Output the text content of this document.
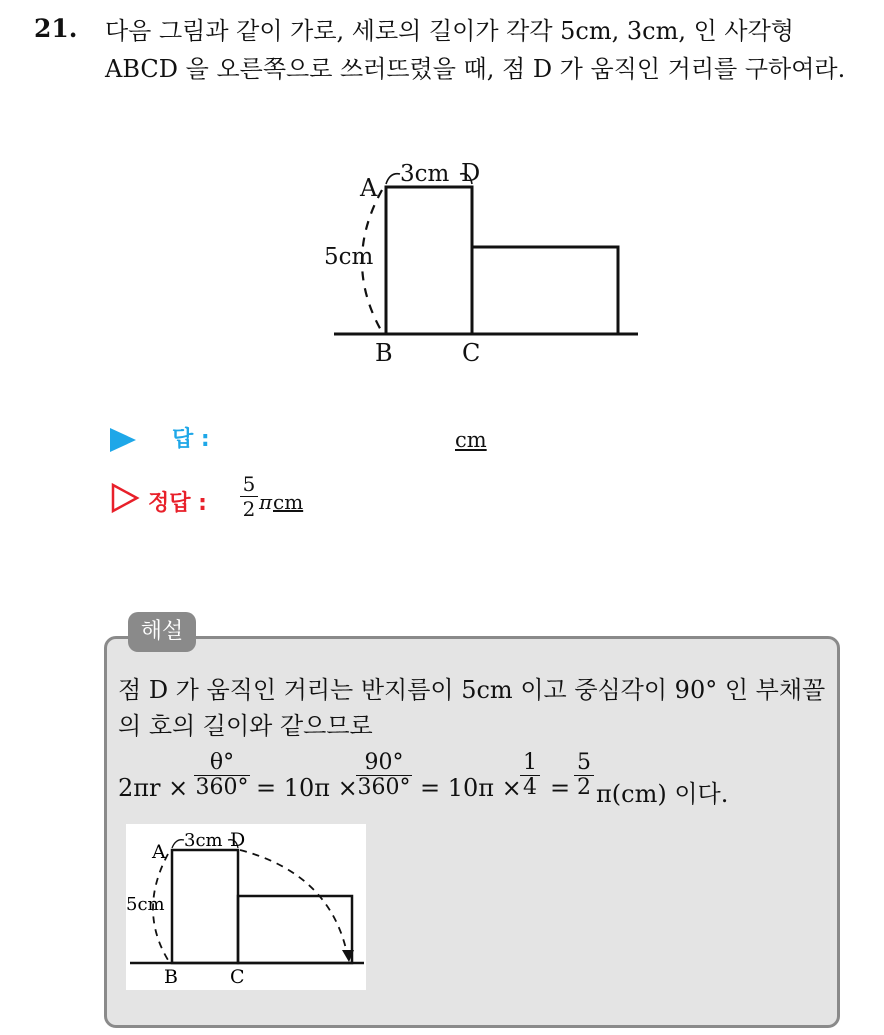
21. 다음 그림과 같이 가로, 세로의 길이가 각각 5cm, 3cm, 인 사각형 ABCD 을 오른쪽으로 쓰러뜨렸을 때, 점 D 가 움직인 거리를 구하여라.
A
D
B	C
3cm
5cm
답 :	cm
정답 :
5
2 π cm
해설
점 D 가 움직인 거리는 반지름이 5cm 이고 중심각이 90° 인 부채꼴의 호의 길이와 같으므로
2πr ×
θ°
360° = 10π ×
90°
360° = 10π ×
1
4 =
5
2 π(cm) 이다.
A
D
B	C
3cm
5cm
